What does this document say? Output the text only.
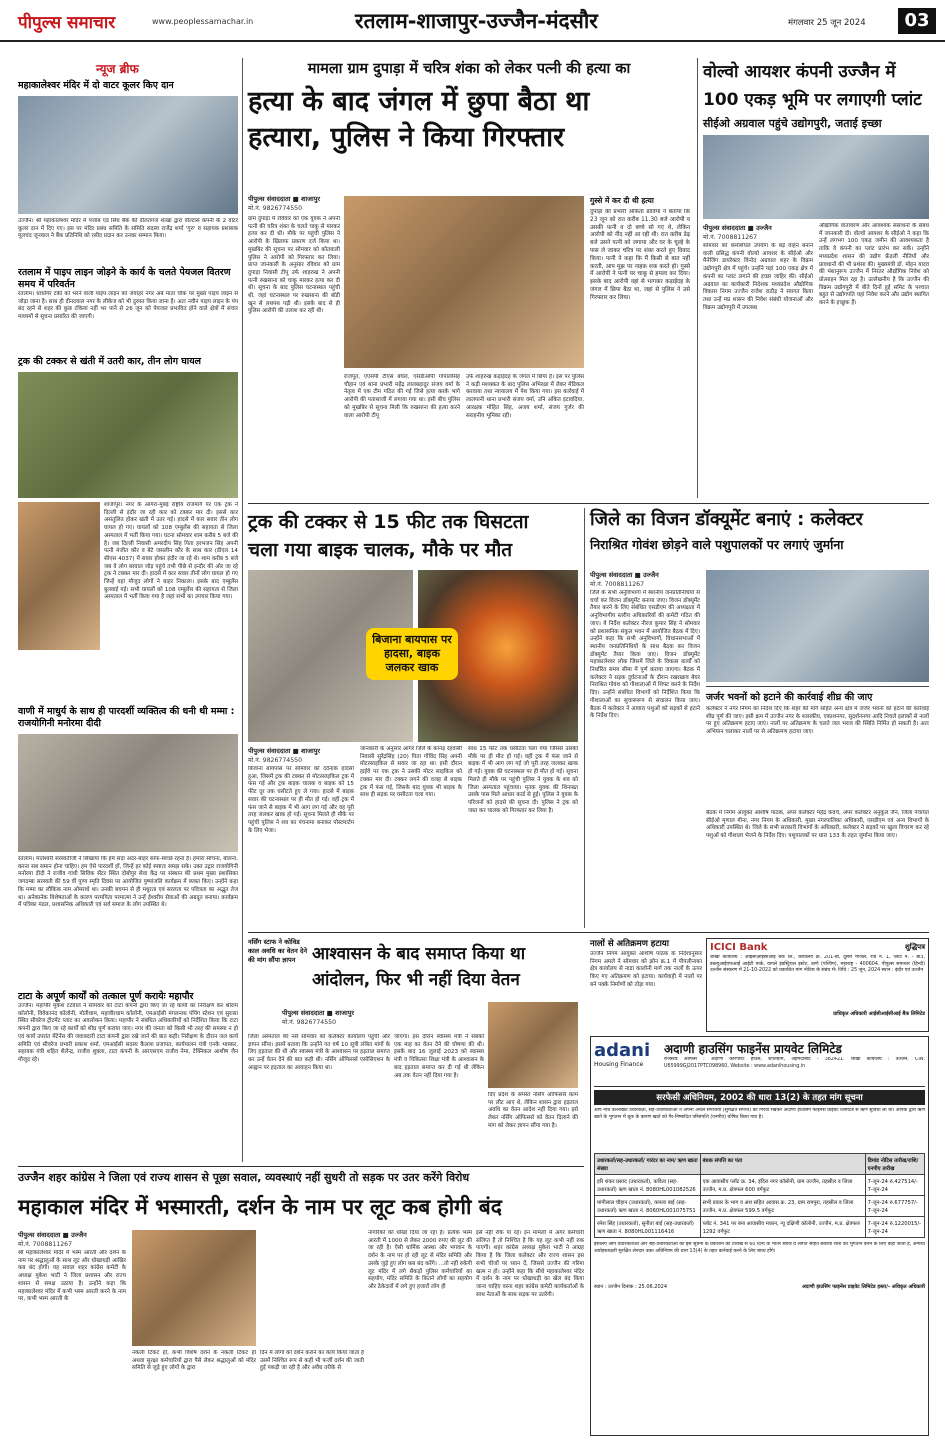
पीपुल्स समाचार	www.peoplessamachar.in	रतलाम-शाजापुर-उज्जैन-मंदसौर	मंगलवार 25 जून 2024	03
न्यूज ब्रीफ
महाकालेश्वर मंदिर में दो वाटर कूलर किए दान
उज्जैन। श्री महाकालेश्वर मंदिर में पंजाब एंड सिंध बैंक की दौलतगंज शाखा द्वारा वोल्टास कंपनी के 2 वाटर कूलर दान में दिए गए। इस पर मंदिर प्रबंध समिति के समिति सदस्य राजेंद्र शर्मा 'गुरु' व सहायक प्रशासक मूलचंद जूनवाल ने बैंक प्रतिनिधि को रसीद प्रदान कर उनका सम्मान किया।
रतलाम में पाइप लाइन जोड़ने के कार्य के चलते पेयजल वितरण समय में परिवर्तन
रतलाम। धांधोगर टंकी को भरने वाली पाइप लाइन को जवाहर नगर अंबे माता चौक पर मुख्य पाइप लाइन से जोड़ा जाना है। साथ ही दीनदयाल नगर के लीकेज को भी दुरुस्त किया जाना है। अतः नवीन पाइप लाइन के पंप बंद रहने से शहर की कुछ टंकियां नहीं भर पाने से 26 जून को पेयजल प्रभावित होने वाले क्षेत्रों में संचार माध्यमों से सूचना प्रसारित की जाएगी।
ट्रक की टक्कर से खंती में उतरी कार, तीन लोग घायल
शाजापुर। नगर के आगरा-मुंबई राष्ट्रीय राजमार्ग पर एक ट्रक ने दिल्ली से इंदौर जा रही कार को टक्कर मार दी। इससे कार असंतुलित होकर खंती में उतर गई। हादसे में कार सवार तीन लोग घायल हो गए। घायलों को 108 एम्बुलेंस की सहायता से जिला अस्पताल में भर्ती किया गया। घटना सोमवार शाम करीब 5 बजे की है। जब दिल्ली निवासी अमरदीप सिंह पिता हरभजन सिंह अपनी पत्नी मंजीत कौर व बेटे जसलीन कौर के साथ कार (डीएल 14 सीएस 4037) में सवार होकर इंदौर जा रहे थे। शाम करीब 5 बजे जब वे लोग बरवाल जोड़ पहुंचे तभी पीछे से इन्दौर की ओर जा रहे ट्रक ने टक्कर मार दी। हादसे में कार सवार तीनों लोग घायल हो गए जिन्हें वहां मौजूद लोगों ने बाहर निकाला। इसके बाद एम्बुलेंस बुलवाई गई। सभी घायलों को 108 एम्बुलेंस की सहायता से जिला अस्पताल में भर्ती किया गया है जहां सभी का उपचार किया गया।
वाणी में माधुर्य के साथ ही पारदर्शी व्यक्तित्व की धनी थी मम्मा : राजयोगिनी मनोरमा दीदी
रतलाम। मातेश्वरी सरस्वतीजी ने सिखाया कि हमें सदा अंदर-बाहर साफ-स्वच्छ रहना है। हमारा सोचना, बोलना, करना सब समान होना चाहिए। हम ऐसे पारदर्शी हों, जिन्हें हर कोई स्पष्टतः समझ सके। उक्त उद्गार राजयोगिनी मनोरमा दीदी ने राजीव गांधी सिविक सेंटर स्थित दोबोपुर सेवा केंद्र पर संस्थान की प्रथम मुख्य प्रशासिका जगदम्बा सरस्वती की 59 वीं पुण्य स्मृति दिवस पर आयोजित पुष्पांजलि कार्यक्रम में व्यक्त किए। उन्होंने कहा कि मम्मा का लौकिक नाम ओमराधे था। उनकी बचपन से ही मधुरता एवं सरलता पर पवित्रता का अद्भुत तेज था। अनेकानेक विशेषताओं के कारण परमपिता परमात्मा ने उन्हें ईश्वरीय सेवाओं की अग्रदूत बनाया। कार्यक्रम में पत्रिका मंडल, प्रशासनिक अधिकारी एवं सर्व समाज के लोग उपस्थित थे।
टाटा के अपूर्ण कार्यों को तत्काल पूर्ण करायेः महापौर
उज्जैन। महापौर मुकेश टटवाल ने सोमवार को टाटा कंपनी द्वारा किए जा रहे कार्यों का निरीक्षण कर श्रीराम कॉलोनी, विवेकानंद कॉलोनी, मोतीधाम, महावीरधाम कॉलोनी, एमआईसी मंगलनाथ पंपिंग स्टेशन एवं सुरासा स्थित सीवरेज ट्रीटमेंट प्लांट का अवलोकन किया। महापौर ने संबंधित अधिकारियों को निर्देशित किया कि टाटा कंपनी द्वारा किए जा रहे कार्यों को शीघ्र पूर्ण कराया जाए। नगर की जनता को किसी भी तरह की समस्या न हो एवं कार्य उपरांत मेंटेनेंस की जवाबदारी टाटा कंपनी द्वारा रखे जाने की बात कही। निरीक्षण के दौरान जल कार्य समिति एवं सीवरेज प्रभारी प्रकाश शर्मा, एमआईसी सदस्य कैलाश प्रजापत, कार्यपालन यंत्री एनके भास्कर, सहायक यंत्री शहित शैलेन्द्र, राजीव शुक्ला, टाटा कंपनी के आरएसएम राजीव नेमा, टेक्निकल आशीष जैन मौजूद रहे।
मामला ग्राम दुपाड़ा में चरित्र शंका को लेकर पत्नी की हत्या का
हत्या के बाद जंगल में छुपा बैठा था
हत्यारा, पुलिस ने किया गिरफ्तार
पीपुल्स संवाददाता ■ शाजापुर
मो.नं. 9826774550
ग्राम दुपाड़ा में रविवार को एक युवक ने अपनी पत्नी की चरित्र शंका के चलते चाकू से मारकर हत्या कर दी थी। मौके पर पहुंची पुलिस ने आरोपी के खिलाफ प्रकरण दर्ज किया था। मुखबिर की सूचना पर सोमवार को कोतवाली पुलिस ने आरोपी को गिरफ्तार कर लिया। प्राप्त जानकारी के अनुसार रविवार को ग्राम दुपाड़ा निवासी टीपू उर्फ शाहरुख ने अपनी पत्नी रुखसाना को चाकू मारकर हत्या कर दी थी। सूचना के बाद पुलिस घटनास्थल पहुंची थी, जहां घटनास्थल पर रुखसाना की बॉडी खून से लथपथ पड़ी थी। इसके बाद से ही पुलिस आरोपी की तलाश कर रही थी।
राजपूत, एएसपी टीएस बघेल, एसडीओपी गोपालसिंह चौहान एवं थाना प्रभारी महेंद्र लालबहादुर संजय वर्मा के नेतृत्व में एक टीम गठित की गई जिसे हत्या करके भागे आरोपी की पतासाजी में लगाया गया था। इसी बीच पुलिस को मुखबिर से सूचना मिली कि रुखसाना की हत्या करने वाला आरोपी टीपू
उर्फ शाहरुख कड़ाईदह के जंगल में छिपा है। इस पर पुलिस ने कड़ी मशक्कत के बाद पुलिस अभिरक्षा में लेकर मेडिकल करवाया तथा न्यायालय में पेश किया गया। इस कार्रवाई में लालपानी थाना प्रभारी संजय वर्मा, उनि अंकित इटावदिया, आरक्षक मोहित सिंह, अजय शर्मा, संजय गुर्जर की सराहनीय भूमिका रही।
गुस्से में कर दी थी हत्या
दुपाड़ा की प्रभारी अंकिता डाविया ने बताया कि 23 जून को रात करीब 11.30 बजे आरोपी व उसकी पत्नी व दो बच्चे सो गए थे, लेकिन आरोपी को नींद नहीं आ रही थी। रात करीब डेढ़ बजे उसने पत्नी को जगाया और घर के चूल्हे के पास ले जाकर चरित्र पर शंका करते हुए विवाद किया। पत्नी ने कहा कि मैं किसी से बात नहीं करती, आप मुझ पर नाहक शक करते हो। गुस्से में आरोपी ने पत्नी पर चाकू से हमला कर दिया। इसके बाद आरोपी वहां से भागकर कड़ाईदह के जंगल में छिपा बैठा था, जहां से पुलिस ने उसे गिरफ्तार कर लिया।
वोल्वो आयशर कंपनी उज्जैन में 100 एकड़ भूमि पर लगाएगी प्लांट
सीईओ अग्रवाल पहुंचे उद्योगपुरी, जताई इच्छा
पीपुल्स संवाददाता ■ उज्जैन
मो.नं. 7008811267
सोमवार को कमर्शियल उपयोग के बड़े वाहन बनाने वाली प्रसिद्ध कंपनी वोल्वो आयशर के सीईओ और मैनेजिंग डायरेक्टर विनोद अग्रवाल शहर के विक्रम उद्योगपुरी क्षेत्र में पहुंचे। उन्होंने यहां 100 एकड़ क्षेत्र में कंपनी का प्लांट लगाने की इच्छा जाहिर की। सीईओ अग्रवाल का कार्यकारी निदेशक मध्यप्रदेश औद्योगिक विकास निगम उज्जैन राजेश राठौड़ ने स्वागत किया तथा उन्हें मप्र शासन की निवेश संबंधी योजनाओं और विक्रम उद्योगपुरी में उपलब्ध
औद्योगिक वातावरण और आवश्यक संसाधनों के संबंध में जानकारी दी। वोल्वो आयशर के सीईओ ने कहा कि उन्हें लगभग 100 एकड़ जमीन की आवश्यकता है ताकि वे कंपनी का प्लांट प्रारंभ कर सकें। उन्होंने मध्यप्रदेश शासन की उद्योग फ्रेंडली नीतियों और प्रावधानों की भी प्रशंसा की। मुख्यमंत्री डॉ. मोहन यादव की मंशानुरूप उज्जैन में निरंतर औद्योगिक निवेश को प्रोत्साहन मिल रहा है। उल्लेखनीय है कि उज्जैन की विक्रम उद्योगपुरी में बीते दिनों हुई समिट के पश्चात बहुत से उद्योगपति यहां निवेश करने और उद्योग स्थापित करने के इच्छुक हैं।
ट्रक की टक्कर से 15 फीट तक घिसटता
चला गया बाइक चालक, मौके पर मौत
बिजाना बायपास पर हादसा, बाइक जलकर खाक
पीपुल्स संवाददाता ■ शाजापुर
मो.नं. 9826774550
बिजाना बायपास पर सोमवार को दर्दनाक हादसा हुआ, जिसमें ट्रक की टक्कर से मोटरसाइकिल ट्रक में फंस गई और ट्रक बाइक चालक व बाइक को 15 फीट दूर तक घसीटते हुए ले गया। हादसे में बाइक सवार की घटनास्थल पर ही मौत हो गई। वहीं ट्रक में फंस जाने से बाइक में भी आग लग गई और वह पूरी तरह जलकर खाक हो गई। सूचना मिलते ही मौके पर पहुंची पुलिस ने शव का पंचनामा बनाकर पोस्टमार्टम के लिए भेजा।
जानकारी के अनुसार आगर जिले के कानड़ रहवासी निवासी सुरेंद्रसिंह (20) पिता गोविंद सिंह अपनी मोटरसाइकिल से सवार जा रहा था। इसी दौरान हाईवे पर एक ट्रक ने उसकी मोटर साइकिल को टक्कर मार दी। टक्कर लगने की वजह से बाइक ट्रक में फंस गई, जिसके बाद युवक भी बाइक के साथ ही सड़क पर घसीटता चला गया।
साथ 15 फीट तक घसीटता चला गया जिससे उसकी मौके पर ही मौत हो गई। वहीं ट्रक में फंस जाने से बाइक में भी आग लग गई जो पूरी तरह जलकर खाक हो गई। युवक की घटनास्थल पर ही मौत हो गई। सूचना मिलते ही मौके पर पहुंची पुलिस ने युवक के शव को जिला अस्पताल पहुंचाया। मृतक युवक की शिनाख्त उसके पास मिले आधार कार्ड से हुई। पुलिस ने युवक के परिजनों को हादसे की सूचना दी। पुलिस ने ट्रक को जब्त कर चालक को गिरफ्तार कर लिया है।
जिले का विजन डॉक्यूमेंट बनाएं : कलेक्टर
निराश्रित गोवंश छोड़ने वाले पशुपालकों पर लगाएं जुर्माना
पीपुल्स संवाददाता ■ उज्जैन
मो.नं. 7008811267
जिले के सभी अनुविभागों में स्थानीय जनप्रतिनिधियों से चर्चा कर विजन डॉक्यूमेंट बनाया जाए। विजन डॉक्यूमेंट तैयार करने के लिए संबंधित एसडीएम की अध्यक्षता में अनुविभागीय स्तरीय अधिकारियों की कमेटी गठित की जाए। ये निर्देश कलेक्टर नीरज कुमार सिंह ने सोमवार को प्रशासनिक संकुल भवन में आयोजित बैठक में दिए। उन्होंने कहा कि सभी अनुविभागों, विधानसभाओं में स्थानीय जनप्रतिनिधियों के साथ बैठक कर विजन डॉक्यूमेंट तैयार किया जाए। विजन डॉक्यूमेंट महाकालेश्वर लोक जिसमें जिले के विकास कार्यों को निर्धारित समय सीमा में पूर्ण कराया जाएगा। बैठक में कलेक्टर ने सड़क दुर्घटनाओं के दौरान रखरखाव बेघर निराश्रित गोवंश को गौशालाओं में शिफ्ट करने के निर्देश दिए। उन्होंने संबंधित विभागों को निर्देशित किया कि गौशालाओं का सुचारूरूप से संचालन किया जाए। बैठक में कलेक्टर ने आवारा पशुओं को सड़कों से हटाने के निर्देश दिए।
जर्जर भवनों को हटाने की कार्रवाई शीघ्र की जाए
कलेक्टर ने नगर निगम को निर्देश दिए कि शहर की मार्ग सहित अन्य क्षेत्र में जर्जर भवनों को हटाने की कार्रवाई शीघ्र पूर्ण की जाए। इसी क्रम में उज्जैन नगर के शासकीय, एकाशनगर, सुदर्शननगर आदि निचले इलाकों से नालों पर हुए अतिक्रमण हटाए जाएं। नालों पर अतिक्रमण के चलते जल भराव की स्थिति निर्मित हो सकती है। अतः अभियान चलाकर नालों पर से अतिक्रमण हटाया जाए।
बैठक में निगम आयुक्त आशीष पाठक, अपर कलेक्टर महेंद्र कवचे, अपर कलेक्टर अनुकूल जैन, जिला पंचायत सीईओ मृणाल मीना, नगर निगम के अधिकारी, मुख्य नगरपालिका अधिकारी, एसडीएम एवं अन्य विभागों के अधिकारी उपस्थित थे। जिले के सभी सरकारी विभागों के अधिकारी, कलेक्टर ने सड़कों पर खुला विचरण कर रहे पशुओं को गौशाला भेजने के निर्देश दिए। पशुपालकों पर धारा 133 के तहत जुर्माना किया जाए।
नर्सिंग स्टाफ ने कोविड काल अवधि का वेतन देने की मांग सौंपा ज्ञापन आश्वासन के बाद समाप्त किया था
आंदोलन, फिर भी नहीं दिया वेतन
पीपुल्स संवाददाता ■ शाजापुर
मो.नं. 9826774550
जिला अस्पताल की नर्सें सोमवार को कलेक्टर कार्यालय पहुंचीं और ज्ञापन सौंपा। इसमें बताया कि उन्होंने गत वर्ष 10 सूत्री लंबित मांगों के लिए हड़ताल की थी और स्वास्थ्य मंत्री के आश्वासन पर हड़ताल समाप्त कर उन्हें वेतन देने की बात कही थी। नर्सिंग ऑफिसर्स एसोसिएशन के आह्वान पर हड़ताल का आवाहन किया था।
जाएगा। इस दौरान स्वास्थ्य मंत्री ने सबको एक माह का वेतन देने की घोषणा की थी। इसके बाद 16 जुलाई 2023 को स्वास्थ्य मंत्री व चिकित्सा शिक्षा मंत्री के आश्वासन के बाद हड़ताल समाप्त कर दी गई थी लेकिन अब तक वेतन नहीं दिया गया है।
दिए प्रदेश के समस्त नर्सिंग ऑफिसर्स काम पर लौट आए थे, लेकिन शासन द्वारा हड़ताल अवधि का वेतन आदेश नहीं दिया गया। इसे लेकर नर्सिंग ऑफिसर्स को वेतन दिलाने की मांग को लेकर ज्ञापन सौंपा गया है।
नालों से अतिक्रमण हटाया
उज्जैन निगम आयुक्त आशीष पाठक के निर्देशानुसार निगम अमले ने सोमवार को झोन क्र.1 में पीपलीनाका क्षेत्र कार्यालय से नाडा कालोनी मार्ग तक नालों के ऊपर किए गए अतिक्रमण को हटाया। कार्यवाही में नालों पर बने पक्के निर्माणों को तोड़ा गया।
ICICI Bank	शुद्धिपत्र
शाखा कार्यालय : आईसीआईसीआई बैंक लि., कार्यालय क्र. 201-बी, दूसरी मंजिल, रोड नं. 1, प्लॉट नं. - बी3, डब्ल्यूआईएफआई आईटी पार्क, वागले इंडस्ट्रियल इस्टेट, ठाणे (पश्चिम), महाराष्ट्र - 400604. पीपुल्स समाचार (हिन्दी) उज्जैन संस्करण में 21-10-2022 को प्रकाशित मांग नोटिस के संबंध में। तिथि : 25 जून, 2024 स्थान : इंदौर एवं उज्जैन
प्राधिकृत अधिकारी आईसीआईसीआई बैंक लिमिटेड
adani
Housing Finance
अदाणी हाउसिंग फाइनेंस प्रायवेट लिमिटेड
रजिस्टर्ड ऑफिस : अदाणी कॉरपोरेट हाउस, शांतिग्राम, अहमदाबाद - 382421. शाखा कार्यालय : उज्जैन. CIN: U65999GJ2017PTC098960, Website : www.adanihousing.in
सरफेसी अधिनियम, 2002 की धारा 13(2) के तहत मांग सूचना
आप नीचे उल्लेखित उधारकर्ता, सह-उधारकर्ताओं ने अपनी अचल संपत्तियों (सुरक्षित संपत्ति) को गिरवी रखकर अदाणी हाउसिंग फाइनेंस प्राइवेट लिमिटेड से ऋण सुविधा ली थी। आपके द्वारा ऋण खाते के भुगतान में चूक के कारण खाते को गैर-निष्पादित परिसंपत्ति (एनपीए) घोषित किया गया है।
उधारकर्ता/सह-उधारकर्ता/ गारंटर का नाम/ ऋण खाता संख्या	बंधक संपत्ति का पता	डिमांड नोटिस तारीख/राशि/ एनपीए तारीख
हरि शंकर प्रसाद (उधारकर्ता), कविता (सह-उधारकर्ता) ऋण खाता नं. 8080HL001082526	एक आवासीय प्लॉट क्र. 34, इंदिरा नगर कॉलोनी, ग्राम उज्जैन, तहसील व जिला उज्जैन, म.प्र. क्षेत्रफल 600 वर्गफुट	7-जून-24 रु.427514/- 7-जून-24
मांगीलाल चौहान (उधारकर्ता), कमला बाई (सह-उधारकर्ता) ऋण खाता नं. 8060HL001075751	सभी प्रकार के भाग व अंश सहित आवास क्र. 23, ग्राम रामपुरा, तहसील व जिला उज्जैन, म.प्र. क्षेत्रफल 599.5 वर्गफुट	7-जून-24 रु.677757/- 7-जून-24
रमेश सिंह (उधारकर्ता), सुनीता बाई (सह-उधारकर्ता) ऋण खाता नं. 8080HL001116416	प्लॉट नं. 341 पर बना आवासीय मकान, न्यू दक्षिणी कॉलोनी, उज्जैन, म.प्र. क्षेत्रफल 1292 वर्गफुट	7-जून-24 रु.1220015/- 7-जून-24
इसलिए आप उधारकर्ताओं और सह-उधारकर्ताओं को इस सूचना के प्रकाशन की तारीख से 60 दिनों के भीतर ब्याज व लागत सहित बकाया राशि का भुगतान करने के लिए कहा जाता है, अन्यथा अधोहस्ताक्षरी सुरक्षित लेनदार उक्त अधिनियम की धारा 13(4) के तहत कार्रवाई करने के लिए बाध्य होंगे।
स्थान : उज्जैन दिनांक : 25.06.2024	अदाणी हाउसिंग फाइनेंस प्राइवेट लिमिटेड हस्ता/- अधिकृत अधिकारी
उज्जैन शहर कांग्रेस ने जिला एवं राज्य शासन से पूछा सवाल, व्यवस्थाएं नहीं सुधरी तो सड़क पर उतर करेंगे विरोध
महाकाल मंदिर में भस्मारती, दर्शन के नाम पर लूट कब होगी बंद
पीपुल्स संवाददाता ■ उज्जैन
मो.नं. 7008811267
श्री महाकालेश्वर मंदिर में भस्म आरती और दर्शन के नाम पर श्रद्धालुओं के साथ लूट और धोखाधड़ी आखिर कब बंद होगी। यह सवाल शहर कांग्रेस कमेटी के अध्यक्ष मुकेश भाटी ने जिला प्रशासन और राज्य शासन से समक्ष उठाया है। उन्होंने कहा कि महाकालेश्वर मंदिर में कभी भस्म आरती करने के नाम पर, कभी भस्म आरती के
नकली टिकट हो, कभी विशेष दर्शन के नकली टिकट हो अथवा सुरक्षा कर्मचारियों द्वारा पैसे लेकर श्रद्धालुओं को मंदिर समिति से जुड़े हुए लोगों के द्वारा
दिन में लोगों को दर्शन कराने का कार्य किया जाता है उसमें निश्चित रूप से कहीं भी फर्जी दर्शन की जाती हुई पकड़ी जा रही है और अवैध तरीके से
नागरिकों को धोखा दिया जा रहा है। प्रत्येक भस्म आरती में 1000 से लेकर 2000 रुपए की लूट की जा रही है। ऐसी धार्मिक आस्था और भगवान के दर्शन के नाम पर हो रही लूट से मंदिर समिति और उसके जुड़े हुए लोग कब बंद करेंगे। ...तो नहीं रुकेगी लूट मंदिर में लगे सैकड़ों पुलिस कर्मचारियों का सहयोग, मंदिर समिति के कितने लोगों का सहयोग और ठेकेदारों में लगे हुए हजारों लोग ही
इसे नहीं रोक पा रहे। इन मामलों में अगर कर्मचारी संलिप्त हैं तो निश्चित है कि यह लूट कभी नहीं रुक पाएगी। शहर कांग्रेस अध्यक्ष मुकेश भाटी ने आग्रह किया है कि जिला कलेक्टर और राज्य शासन इस सभी चीजों पर ध्यान दें, जिससे उज्जैन की गरिमा खत्म न हो। उन्होंने कहा कि सीधे महाकालेश्वर मंदिर में दर्शन के नाम पर धोखाधड़ी का खेल बंद किया जाना चाहिए वरना शहर कांग्रेस कमेटी कार्यकर्ताओं के साथ नेताओं के साथ सड़क पर उतरेगी।
